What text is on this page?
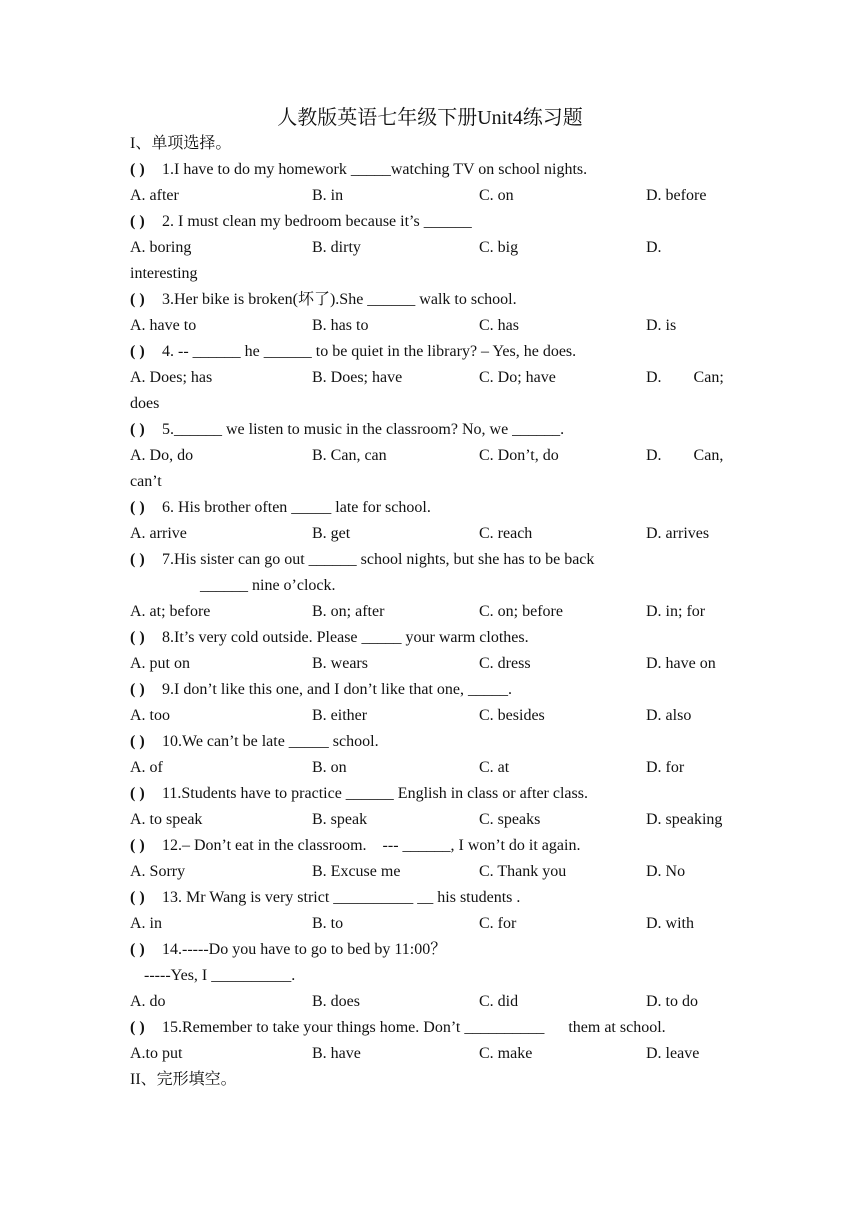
人教版英语七年级下册Unit4练习题
I、单项选择。
( ) 1.I have to do my homework _____watching TV on school nights.
A. after	B. in	C. on	D. before
( ) 2. I must clean my bedroom because it’s ______
A. boring	B. dirty	C. big	D.
interesting
( ) 3.Her bike is broken(坏了).She ______ walk to school.
A. have to	B. has to	C. has	D. is
( ) 4. -- ______ he ______ to be quiet in the library? – Yes, he does.
A. Does; has	B. Does; have	C. Do; have	D.        Can;
does
( ) 5.______ we listen to music in the classroom? No, we ______.
A. Do, do	B. Can, can	C. Don’t, do	D.        Can,
can’t
( ) 6. His brother often _____ late for school.
A. arrive	B. get	C. reach	D. arrives
( ) 7.His sister can go out ______ school nights, but she has to be back
______ nine o’clock.
A. at; before	B. on; after	C. on; before	D. in; for
( ) 8.It’s very cold outside. Please _____ your warm clothes.
A. put on	B. wears	C. dress	D. have on
( ) 9.I don’t like this one, and I don’t like that one, _____.
A. too	B. either	C. besides	D. also
( ) 10.We can’t be late _____ school.
A. of	B. on	C. at	D. for
( ) 11.Students have to practice ______ English in class or after class.
A. to speak	B. speak	C. speaks	D. speaking
( ) 12.– Don’t eat in the classroom.    --- ______, I won’t do it again.
A. Sorry	B. Excuse me	C. Thank you	D. No
( ) 13. Mr Wang is very strict __________ __ his students .
A. in	B. to	C. for	D. with
( ) 14.-----Do you have to go to bed by 11:00？
-----Yes, I __________.
A. do	B. does	C. did	D. to do
( ) 15.Remember to take your things home. Don’t __________      them at school.
A.to put	B. have	C. make	D. leave
II、完形填空。
